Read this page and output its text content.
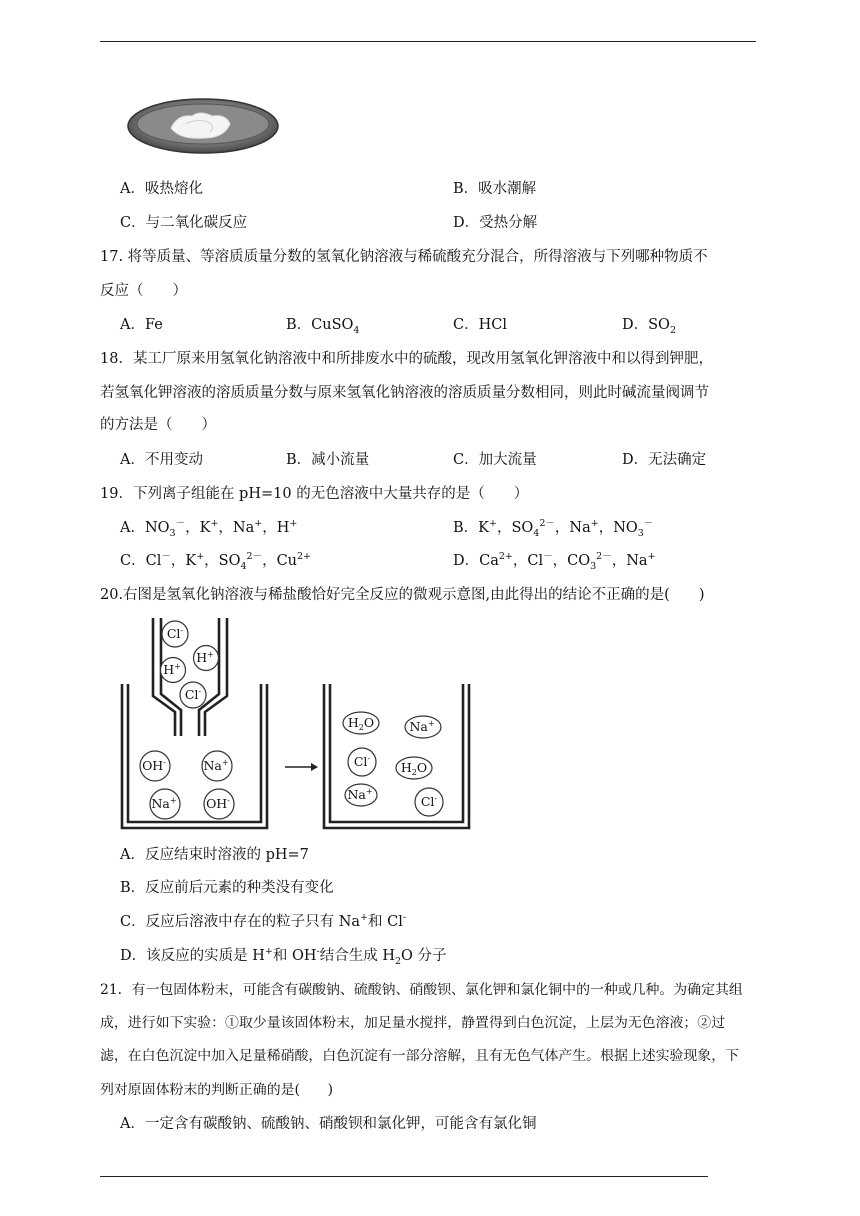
A．吸热熔化	B．吸水潮解
C．与二氧化碳反应	D．受热分解
17. 将等质量、等溶质质量分数的氢氧化钠溶液与稀硫酸充分混合，所得溶液与下列哪种物质不
反应（　　）
A．Fe	B．CuSO$_4$	C．HCl	D．$SO_2$
18．某工厂原来用氢氧化钠溶液中和所排废水中的硫酸，现改用氢氧化钾溶液中和以得到钾肥，
若氢氧化钾溶液的溶质质量分数与原来氢氧化钠溶液的溶质质量分数相同，则此时碱流量阀调节
的方法是（　　）
A．不用变动	B．减小流量	C．加大流量	D．无法确定
19．下列离子组能在 pH=10 的无色溶液中大量共存的是（　　）
A．$NO_3^-$，K+，Na+，H+	B．K+，$SO_4^{2-}$，Na+，$NO_3^-$
C．Cl－，K+，$SO_4^{2-}$，$Cu^{2+}$	D．$Ca^{2+}$，Cl－，$CO_3^{2-}$，Na+
20.右图是氢氧化钠溶液与稀盐酸恰好完全反应的微观示意图,由此得出的结论不正确的是(　　)
Cl-
H+
H+
Cl-
OH-	Na+
Na+ OH-
$H_2O$	Na+
Cl-
$H_2O$
Na+
Cl-
A．反应结束时溶液的 pH=7
B．反应前后元素的种类没有变化
C．反应后溶液中存在的粒子只有 Na+和 Cl-
D．该反应的实质是 H+和 OH-结合生成 $H_2O$ 分子
21．有一包固体粉末，可能含有碳酸钠、硫酸钠、硝酸钡、氯化钾和氯化铜中的一种或几种。为确定其组
成，进行如下实验：①取少量该固体粉末，加足量水搅拌，静置得到白色沉淀，上层为无色溶液；②过
滤，在白色沉淀中加入足量稀硝酸，白色沉淀有一部分溶解，且有无色气体产生。根据上述实验现象，下
列对原固体粉末的判断正确的是(　　)
A．一定含有碳酸钠、硫酸钠、硝酸钡和氯化钾，可能含有氯化铜
